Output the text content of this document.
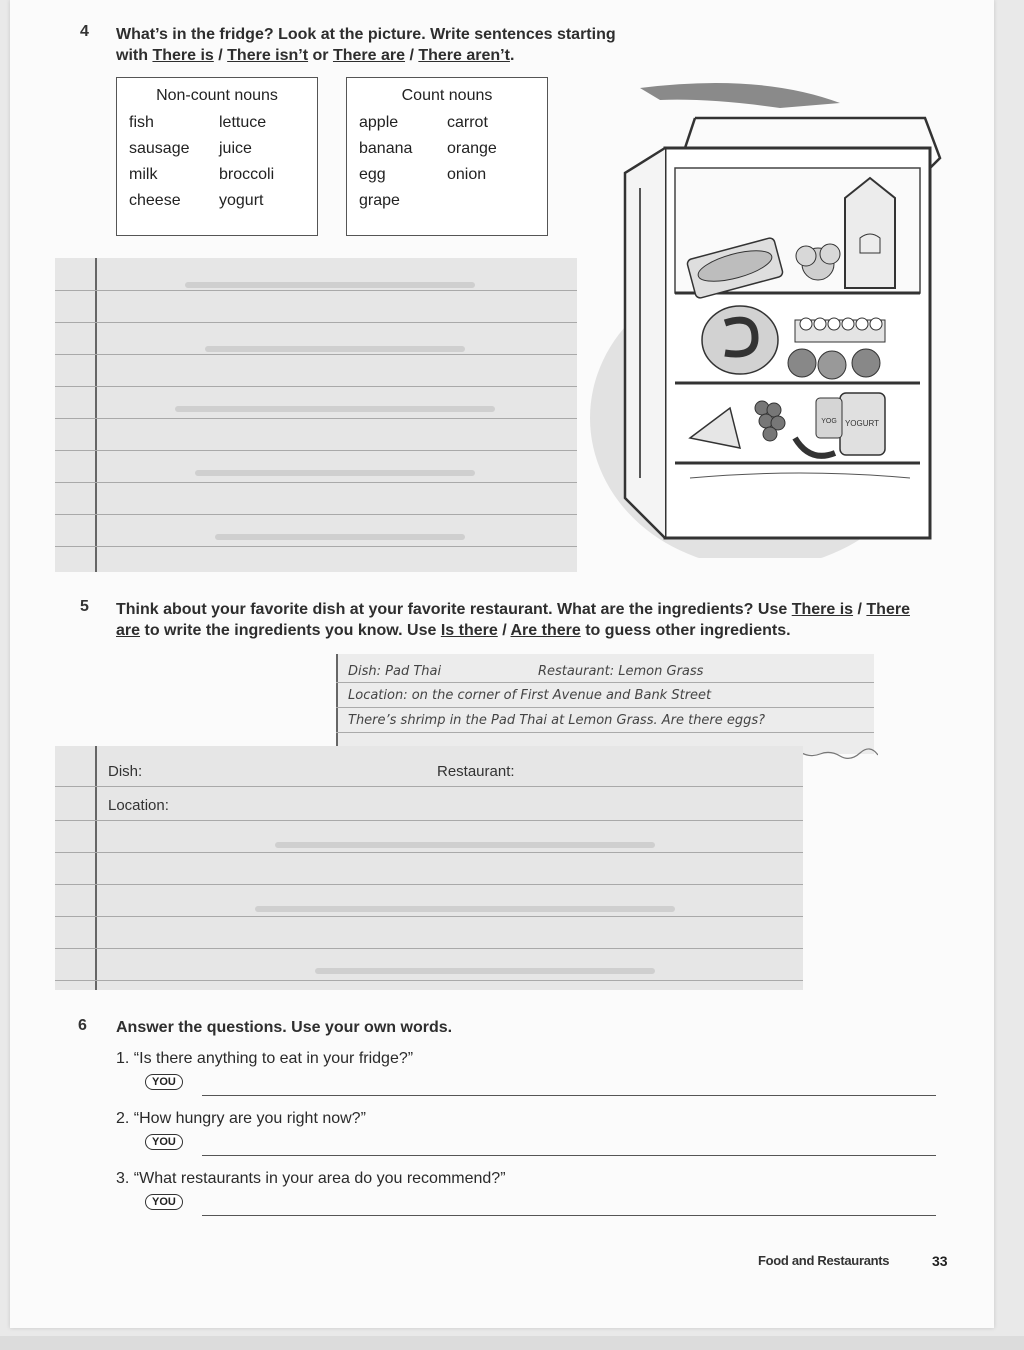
4 What’s in the fridge? Look at the picture. Write sentences starting
with There is / There isn’t or There are / There aren’t.
Non-count nouns
fish	lettuce
sausage	juice
milk	broccoli
cheese	yogurt
Count nouns
apple	carrot
banana	orange
egg	onion
grape
YOGURT
YOG
5 Think about your favorite dish at your favorite restaurant. What are the ingredients? Use There is / There are to write the ingredients you know. Use Is there / Are there to guess other ingredients.
Dish: Pad Thai	Restaurant: Lemon Grass
Location: on the corner of First Avenue and Bank Street
There’s shrimp in the Pad Thai at Lemon Grass. Are there eggs?
Dish:	Restaurant:
Location:
6 Answer the questions. Use your own words.
1. “Is there anything to eat in your fridge?”
YOU
2. “How hungry are you right now?”
YOU
3. “What restaurants in your area do you recommend?”
YOU
Food and Restaurants	33
